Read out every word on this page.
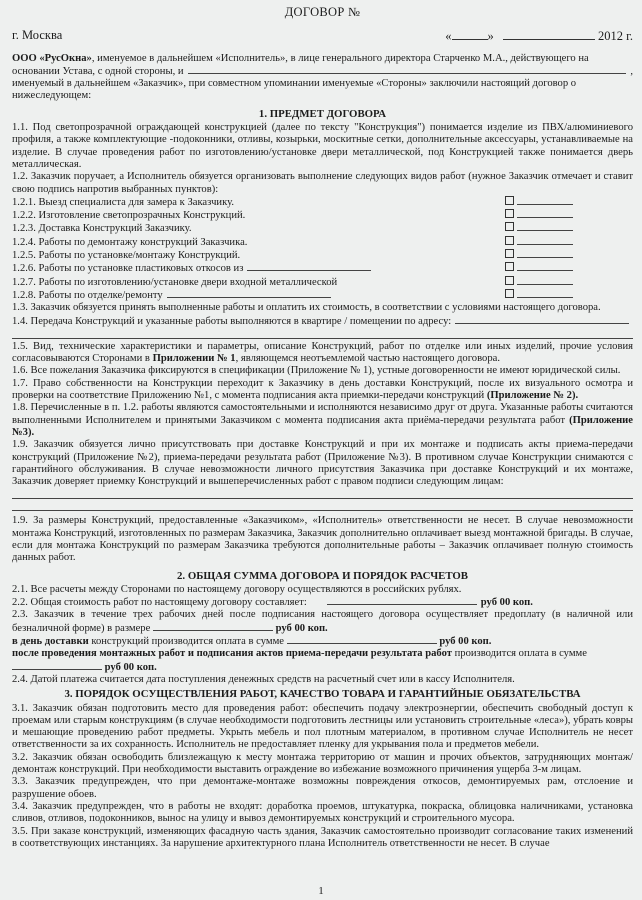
ДОГОВОР №
г. Москва	«	»	2012 г.

ООО «РусОкна», именуемое в дальнейшем «Исполнитель», в лице генерального директора Старченко М.А., действующего на

основании Устава, с одной стороны, и	,

именуемый в дальнейшем «Заказчик», при совместном упоминании именуемые «Стороны» заключили настоящий договор о

нижеследующем:

1. ПРЕДМЕТ ДОГОВОРА

1.1. Под светопрозрачной ограждающей конструкцией (далее по тексту "Конструкция") понимается изделие из ПВХ/алюминиевого профиля, а также комплектующие -подоконники, отливы, козырьки, москитные сетки, дополнительные аксессуары, устанавливаемые на изделие. В случае проведения работ по изготовлению/установке двери металлической, под Конструкцией также понимается дверь металлическая.

1.2. Заказчик поручает, а Исполнитель обязуется организовать выполнение следующих видов работ (нужное Заказчик отмечает и ставит свою подпись напротив выбранных пунктов):

1.2.1. Выезд специалиста для замера к Заказчику.
1.2.2. Изготовление светопрозрачных Конструкций.
1.2.3. Доставка Конструкций Заказчику.
1.2.4. Работы по демонтажу конструкций Заказчика.
1.2.5. Работы по установке/монтажу Конструкций.
1.2.6. Работы по установке пластиковых откосов из
1.2.7. Работы по изготовлению/установке двери входной металлической
1.2.8. Работы по отделке/ремонту

1.3. Заказчик обязуется принять выполненные работы и оплатить их стоимость, в соответствии с условиями настоящего договора.

1.4. Передача Конструкций и указанные работы выполняются в квартире / помещении по адресу:

1.5. Вид, технические характеристики и параметры, описание Конструкций, работ по отделке или иных изделий, прочие условия согласовываются Сторонами в Приложении № 1, являющемся неотъемлемой частью настоящего договора.

1.6. Все пожелания Заказчика фиксируются в спецификации (Приложение № 1), устные договоренности не имеют юридической силы.

1.7. Право собственности на Конструкции переходит к Заказчику в день доставки Конструкций, после их визуального осмотра и проверки на соответствие Приложению №1, с момента подписания акта приемки-передачи конструкций (Приложение № 2).

1.8. Перечисленные в п. 1.2. работы являются самостоятельными и исполняются независимо друг от друга. Указанные работы считаются выполненными Исполнителем и принятыми Заказчиком с момента подписания акта приёма-передачи результата работ (Приложение №3).

1.9. Заказчик обязуется лично присутствовать при доставке Конструкций и при их монтаже и подписать акты приема-передачи конструкций (Приложение №2), приема-передачи результата работ (Приложение №3). В противном случае Конструкции снимаются с гарантийного обслуживания. В случае невозможности личного присутствия Заказчика при доставке Конструкций и их монтаже, Заказчик доверяет приемку Конструкций и вышеперечисленных работ с правом подписи следующим лицам:

1.9. За размеры Конструкций, предоставленные «Заказчиком», «Исполнитель» ответственности не несет. В случае невозможности монтажа Конструкций, изготовленных по размерам Заказчика, Заказчик дополнительно оплачивает выезд монтажной бригады. В случае, если для монтажа Конструкций по размерам Заказчика требуются дополнительные работы – Заказчик оплачивает полную стоимость данных работ.

2. ОБЩАЯ СУММА ДОГОВОРА И ПОРЯДОК РАСЧЕТОВ

2.1. Все расчеты между Сторонами по настоящему договору осуществляются в российских рублях.

2.2. Общая стоимость работ по настоящему договору составляет:	руб 00 коп.

2.3. Заказчик в течение трех рабочих дней после подписания настоящего договора осуществляет предоплату (в наличной или безналичной форме) в размере	руб 00 коп.

в день доставки конструкций производится оплата в сумме	руб 00 коп.

после проведения монтажных работ и подписания актов приема-передачи результата работ производится оплата в сумме

руб 00 коп.

2.4. Датой платежа считается дата поступления денежных средств на расчетный счет или в кассу Исполнителя.

3. ПОРЯДОК ОСУЩЕСТВЛЕНИЯ РАБОТ, КАЧЕСТВО ТОВАРА И ГАРАНТИЙНЫЕ ОБЯЗАТЕЛЬСТВА

3.1. Заказчик обязан подготовить место для проведения работ: обеспечить подачу электроэнергии, обеспечить свободный доступ к проемам или старым конструкциям (в случае необходимости подготовить лестницы или установить строительные «леса»), убрать ковры и мешающие проведению работ предметы. Укрыть мебель и пол плотным материалом, в противном случае Исполнитель не несет ответственности за их сохранность. Исполнитель не предоставляет пленку для укрывания пола и предметов мебели.

3.2. Заказчик обязан освободить близлежащую к месту монтажа территорию от машин и прочих объектов, затрудняющих монтаж/демонтаж конструкций. При необходимости выставить ограждение во избежание возможного причинения ущерба 3-м лицам.

3.3. Заказчик предупрежден, что при демонтаже-монтаже возможны повреждения откосов, демонтируемых рам, отслоение и разрушение обоев.

3.4. Заказчик предупрежден, что в работы не входят: доработка проемов, штукатурка, покраска, облицовка наличниками, установка сливов, отливов, подоконников, вынос на улицу и вывоз демонтируемых конструкций и строительного мусора.

3.5. При заказе конструкций, изменяющих фасадную часть здания, Заказчик самостоятельно производит согласование таких изменений в соответствующих инстанциях. За нарушение архитектурного плана Исполнитель ответственности не несет. В случае

1
